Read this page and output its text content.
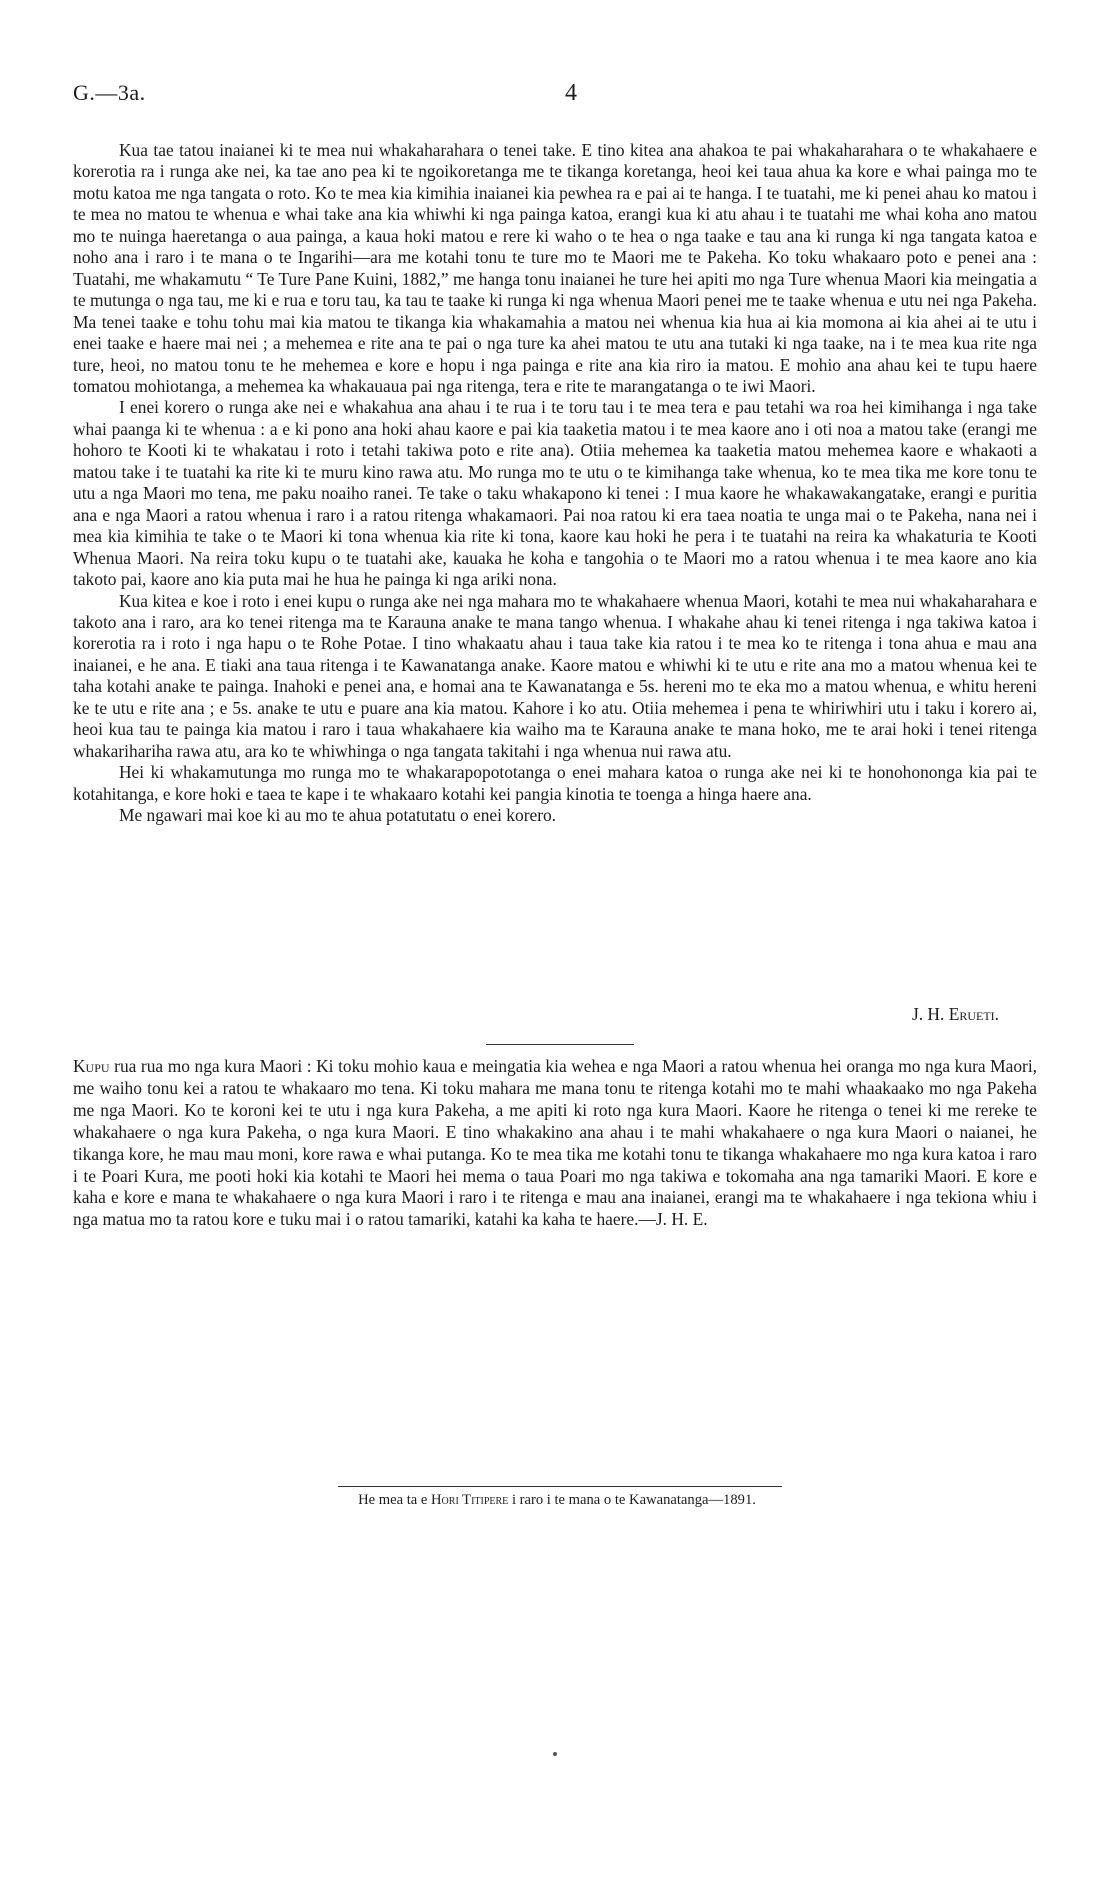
G.—3a.	4

Kua tae tatou inaianei ki te mea nui whakaharahara o tenei take. E tino kitea ana ahakoa te pai whakaharahara o te whakahaere e korerotia ra i runga ake nei, ka tae ano pea ki te ngoikoretanga me te tikanga koretanga, heoi kei taua ahua ka kore e whai painga mo te motu katoa me nga tangata o roto. Ko te mea kia kimihia inaianei kia pewhea ra e pai ai te hanga. I te tuatahi, me ki penei ahau ko matou i te mea no matou te whenua e whai take ana kia whiwhi ki nga painga katoa, erangi kua ki atu ahau i te tuatahi me whai koha ano matou mo te nuinga haeretanga o aua painga, a kaua hoki matou e rere ki waho o te hea o nga taake e tau ana ki runga ki nga tangata katoa e noho ana i raro i te mana o te Ingarihi—ara me kotahi tonu te ture mo te Maori me te Pakeha. Ko toku whakaaro poto e penei ana : Tuatahi, me whakamutu “ Te Ture Pane Kuini, 1882,” me hanga tonu inaianei he ture hei apiti mo nga Ture whenua Maori kia meingatia a te mutunga o nga tau, me ki e rua e toru tau, ka tau te taake ki runga ki nga whenua Maori penei me te taake whenua e utu nei nga Pakeha. Ma tenei taake e tohu tohu mai kia matou te tikanga kia whakamahia a matou nei whenua kia hua ai kia momona ai kia ahei ai te utu i enei taake e haere mai nei ; a mehemea e rite ana te pai o nga ture ka ahei matou te utu ana tutaki ki nga taake, na i te mea kua rite nga ture, heoi, no matou tonu te he mehemea e kore e hopu i nga painga e rite ana kia riro ia matou. E mohio ana ahau kei te tupu haere tomatou mohiotanga, a mehemea ka whakauaua pai nga ritenga, tera e rite te marangatanga o te iwi Maori.

I enei korero o runga ake nei e whakahua ana ahau i te rua i te toru tau i te mea tera e pau tetahi wa roa hei kimihanga i nga take whai paanga ki te whenua : a e ki pono ana hoki ahau kaore e pai kia taaketia matou i te mea kaore ano i oti noa a matou take (erangi me hohoro te Kooti ki te whakatau i roto i tetahi takiwa poto e rite ana). Otiia mehemea ka taaketia matou mehemea kaore e whakaoti a matou take i te tuatahi ka rite ki te muru kino rawa atu. Mo runga mo te utu o te kimihanga take whenua, ko te mea tika me kore tonu te utu a nga Maori mo tena, me paku noaiho ranei. Te take o taku whakapono ki tenei : I mua kaore he whakawakangatake, erangi e puritia ana e nga Maori a ratou whenua i raro i a ratou ritenga whakamaori. Pai noa ratou ki era taea noatia te unga mai o te Pakeha, nana nei i mea kia kimihia te take o te Maori ki tona whenua kia rite ki tona, kaore kau hoki he pera i te tuatahi na reira ka whakaturia te Kooti Whenua Maori. Na reira toku kupu o te tuatahi ake, kauaka he koha e tangohia o te Maori mo a ratou whenua i te mea kaore ano kia takoto pai, kaore ano kia puta mai he hua he painga ki nga ariki nona.

Kua kitea e koe i roto i enei kupu o runga ake nei nga mahara mo te whakahaere whenua Maori, kotahi te mea nui whakaharahara e takoto ana i raro, ara ko tenei ritenga ma te Karauna anake te mana tango whenua. I whakahe ahau ki tenei ritenga i nga takiwa katoa i korerotia ra i roto i nga hapu o te Rohe Potae. I tino whakaatu ahau i taua take kia ratou i te mea ko te ritenga i tona ahua e mau ana inaianei, e he ana. E tiaki ana taua ritenga i te Kawanatanga anake. Kaore matou e whiwhi ki te utu e rite ana mo a matou whenua kei te taha kotahi anake te painga. Inahoki e penei ana, e homai ana te Kawanatanga e 5s. hereni mo te eka mo a matou whenua, e whitu hereni ke te utu e rite ana ; e 5s. anake te utu e puare ana kia matou. Kahore i ko atu. Otiia mehemea i pena te whiriwhiri utu i taku i korero ai, heoi kua tau te painga kia matou i raro i taua whakahaere kia waiho ma te Karauna anake te mana hoko, me te arai hoki i tenei ritenga whakarihariha rawa atu, ara ko te whiwhinga o nga tangata takitahi i nga whenua nui rawa atu.

Hei ki whakamutunga mo runga mo te whakarapopototanga o enei mahara katoa o runga ake nei ki te honohononga kia pai te kotahitanga, e kore hoki e taea te kape i te whakaaro kotahi kei pangia kinotia te toenga a hinga haere ana.

Me ngawari mai koe ki au mo te ahua potatutatu o enei korero.

J. H. Erueti.

Kupu rua rua mo nga kura Maori : Ki toku mohio kaua e meingatia kia wehea e nga Maori a ratou whenua hei oranga mo nga kura Maori, me waiho tonu kei a ratou te whakaaro mo tena. Ki toku mahara me mana tonu te ritenga kotahi mo te mahi whaakaako mo nga Pakeha me nga Maori. Ko te koroni kei te utu i nga kura Pakeha, a me apiti ki roto nga kura Maori. Kaore he ritenga o tenei ki me rereke te whakahaere o nga kura Pakeha, o nga kura Maori. E tino whakakino ana ahau i te mahi whakahaere o nga kura Maori o naianei, he tikanga kore, he mau mau moni, kore rawa e whai putanga. Ko te mea tika me kotahi tonu te tikanga whakahaere mo nga kura katoa i raro i te Poari Kura, me pooti hoki kia kotahi te Maori hei mema o taua Poari mo nga takiwa e tokomaha ana nga tamariki Maori. E kore e kaha e kore e mana te whakahaere o nga kura Maori i raro i te ritenga e mau ana inaianei, erangi ma te whakahaere i nga tekiona whiu i nga matua mo ta ratou kore e tuku mai i o ratou tamariki, katahi ka kaha te haere.—J. H. E.

He mea ta e Hori Titipere i raro i te mana o te Kawanatanga—1891.
